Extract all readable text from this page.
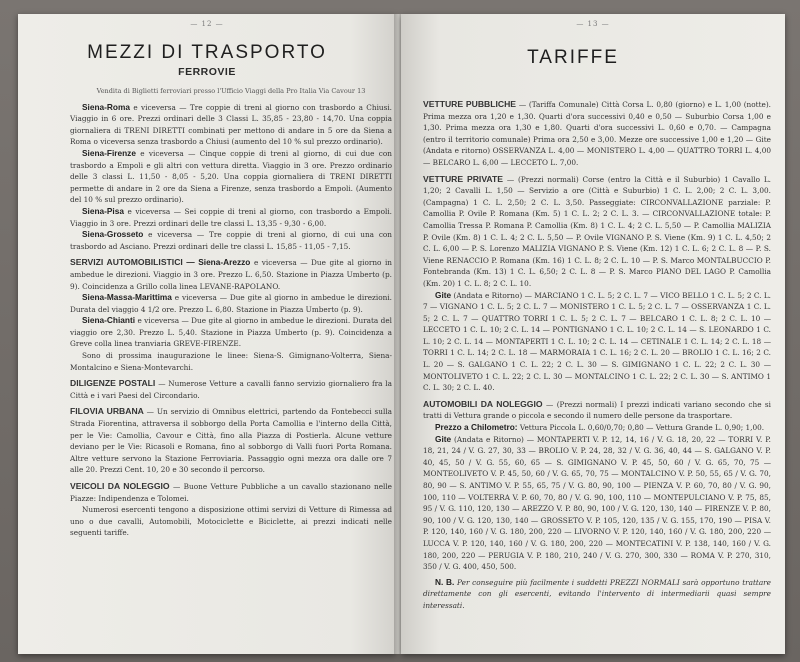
— 12 —
MEZZI DI TRASPORTO
FERROVIE
Vendita di Biglietti ferroviari presso l'Ufficio Viaggi della Pro Italia Via Cavour 13

Siena-Roma e viceversa — Tre coppie di treni al giorno con trasbordo a Chiusi. Viaggio in 6 ore. Prezzi ordinari delle 3 Classi L. 35,85 - 23,80 - 14,70. Una coppia giornaliera di TRENI DIRETTI combinati per mettono di andare in 5 ore da Siena a Roma o viceversa senza trasbordo a Chiusi (aumento del 10 % sul prezzo ordinario).

Siena-Firenze e viceversa — Cinque coppie di treni al giorno, di cui due con trasbordo a Empoli e gli altri con vettura diretta. Viaggio in 3 ore. Prezzo ordinario delle 3 classi L. 11,50 - 8,05 - 5,20. Una coppia giornaliera di TRENI DIRETTI permette di andare in 2 ore da Siena a Firenze, senza trasbordo a Empoli. (Aumento del 10 % sul prezzo ordinario).

Siena-Pisa e viceversa — Sei coppie di treni al giorno, con trasbordo a Empoli. Viaggio in 3 ore. Prezzi ordinari delle tre classi L. 13,35 - 9,30 - 6,00.

Siena-Grosseto e viceversa — Tre coppie di treni al giorno, di cui una con trasbordo ad Asciano. Prezzi ordinari delle tre classi L. 15,85 - 11,05 - 7,15.

SERVIZI AUTOMOBILISTICI — Siena-Arezzo e viceversa — Due gite al giorno in ambedue le direzioni. Viaggio in 3 ore. Prezzo L. 6,50. Stazione in Piazza Umberto (p. 9). Coincidenza a Grillo colla linea LEVANE-RAPOLANO.

Siena-Massa-Marittima e viceversa — Due gite al giorno in ambedue le direzioni. Durata del viaggio 4 1/2 ore. Prezzo L. 6,80. Stazione in Piazza Umberto (p. 9).

Siena-Chianti e viceversa — Due gite al giorno in ambedue le direzioni. Durata del viaggio ore 2,30. Prezzo L. 5,40. Stazione in Piazza Umberto (p. 9). Coincidenza a Greve colla linea tranviaria GREVE-FIRENZE.

Sono di prossima inaugurazione le linee: Siena-S. Gimignano-Volterra, Siena-Montalcino e Siena-Montevarchi.

DILIGENZE POSTALI — Numerose Vetture a cavalli fanno servizio giornaliero fra la Città e i vari Paesi del Circondario.

FILOVIA URBANA — Un servizio di Omnibus elettrici, partendo da Fontebecci sulla Strada Fiorentina, attraversa il sobborgo della Porta Camollia e l'interno della Città, per le Vie: Camollia, Cavour e Città, fino alla Piazza di Postierla. Alcune vetture deviano per le Vie: Ricasoli e Romana, fino al sobborgo di Valli fuori Porta Romana. Altre vetture servono la Stazione Ferroviaria. Passaggio ogni mezza ora dalle ore 7 alle 20. Prezzi Cent. 10, 20 e 30 secondo il percorso.

VEICOLI DA NOLEGGIO — Buone Vetture Pubbliche a un cavallo stazionano nelle Piazze: Indipendenza e Tolomei.

Numerosi esercenti tengono a disposizione ottimi servizi di Vetture di Rimessa ad uno o due cavalli, Automobili, Motociclette e Biciclette, ai prezzi indicati nelle seguenti tariffe.

— 13 —
TARIFFE

VETTURE PUBBLICHE — (Tariffa Comunale) Città Corsa L. 0,80 (giorno) e L. 1,00 (notte). Prima mezza ora 1,20 e 1,30. Quarti d'ora successivi 0,40 e 0,50 — Suburbio Corsa 1,00 e 1,30. Prima mezza ora 1,30 e 1,80. Quarti d'ora successivi L. 0,60 e 0,70. — Campagna (entro il territorio comunale) Prima ora 2,50 e 3,00. Mezze ore successive 1,00 e 1,20 — Gite (Andata e ritorno) OSSERVANZA L. 4,00 — MONISTERO L. 4,00 — QUATTRO TORRI L. 4,00 — BELCARO L. 6,00 — LECCETO L. 7,00.

VETTURE PRIVATE — (Prezzi normali) Corse (entro la Città e il Suburbio) 1 Cavallo L. 1,20; 2 Cavalli L. 1,50 — Servizio a ore (Città e Suburbio) 1 C. L. 2,00; 2 C. L. 3,00. (Campagna) 1 C. L. 2,50; 2 C. L. 3,50. Passeggiate: CIRCONVALLAZIONE parziale: P. Camollia P. Ovile P. Romana (Km. 5) 1 C. L. 2; 2 C. L. 3. — CIRCONVALLAZIONE totale: P. Camollia Tressa P. Romana P. Camollia (Km. 8) 1 C. L. 4; 2 C. L. 5,50 — P. Camollia MALIZIA P. Ovile (Km. 8) 1 C. L. 4; 2 C. L. 5,50 — P. Ovile VIGNANO P. S. Viene (Km. 9) 1 C. L. 4,50; 2 C. L. 6,00 — P. S. Lorenzo MALIZIA VIGNANO P. S. Viene (Km. 12) 1 C. L. 6; 2 C. L. 8 — P. S. Viene RENACCIO P. Romana (Km. 16) 1 C. L. 8; 2 C. L. 10 — P. S. Marco MONTALBUCCIO P. Fontebranda (Km. 13) 1 C. L. 6,50; 2 C. L. 8 — P. S. Marco PIANO DEL LAGO P. Camollia (Km. 20) 1 C. L. 8; 2 C. L. 10.

Gite (Andata e Ritorno) — MARCIANO 1 C. L. 5; 2 C. L. 7 — VICO BELLO 1 C. L. 5; 2 C. L. 7 — VIGNANO 1 C. L. 5; 2 C. L. 7 — MONISTERO 1 C. L. 5; 2 C. L. 7 — OSSERVANZA 1 C. L. 5; 2 C. L. 7 — QUATTRO TORRI 1 C. L. 5; 2 C. L. 7 — BELCARO 1 C. L. 8; 2 C. L. 10 — LECCETO 1 C. L. 10; 2 C. L. 14 — PONTIGNANO 1 C. L. 10; 2 C. L. 14 — S. LEONARDO 1 C. L. 10; 2 C. L. 14 — MONTAPERTI 1 C. L. 10; 2 C. L. 14 — CETINALE 1 C. L. 14; 2 C. L. 18 — TORRI 1 C. L. 14; 2 C. L. 18 — MARMORAIA 1 C. L. 16; 2 C. L. 20 — BROLIO 1 C. L. 16; 2 C. L. 20 — S. GALGANO 1 C. L. 22; 2 C. L. 30 — S. GIMIGNANO 1 C. L. 22; 2 C. L. 30 — MONTOLIVETO 1 C. L. 22; 2 C. L. 30 — MONTALCINO 1 C. L. 22; 2 C. L. 30 — S. ANTIMO 1 C. L. 30; 2 C. L. 40.

AUTOMOBILI DA NOLEGGIO — (Prezzi normali) I prezzi indicati variano secondo che si tratti di Vettura grande o piccola e secondo il numero delle persone da trasportare.

Prezzo a Chilometro: Vettura Piccola L. 0,60/0,70; 0,80 — Vettura Grande L. 0,90; 1,00.

Gite (Andata e Ritorno) — MONTAPERTI V. P. 12, 14, 16 / V. G. 18, 20, 22 — TORRI V. P. 18, 21, 24 / V. G. 27, 30, 33 — BROLIO V. P. 24, 28, 32 / V. G. 36, 40, 44 — S. GALGANO V. P. 40, 45, 50 / V. G. 55, 60, 65 — S. GIMIGNANO V. P. 45, 50, 60 / V. G. 65, 70, 75 — MONTEOLIVETO V. P. 45, 50, 60 / V. G. 65, 70, 75 — MONTALCINO V. P. 50, 55, 65 / V. G. 70, 80, 90 — S. ANTIMO V. P. 55, 65, 75 / V. G. 80, 90, 100 — PIENZA V. P. 60, 70, 80 / V. G. 90, 100, 110 — VOLTERRA V. P. 60, 70, 80 / V. G. 90, 100, 110 — MONTEPULCIANO V. P. 75, 85, 95 / V. G. 110, 120, 130 — AREZZO V. P. 80, 90, 100 / V. G. 120, 130, 140 — FIRENZE V. P. 80, 90, 100 / V. G. 120, 130, 140 — GROSSETO V. P. 105, 120, 135 / V. G. 155, 170, 190 — PISA V. P. 120, 140, 160 / V. G. 180, 200, 220 — LIVORNO V. P. 120, 140, 160 / V. G. 180, 200, 220 — LUCCA V. P. 120, 140, 160 / V. G. 180, 200, 220 — MONTECATINI V. P. 138, 140, 160 / V. G. 180, 200, 220 — PERUGIA V. P. 180, 210, 240 / V. G. 270, 300, 330 — ROMA V. P. 270, 310, 350 / V. G. 400, 450, 500.

N. B. Per conseguire più facilmente i suddetti PREZZI NORMALI sarà opportuno trattare direttamente con gli esercenti, evitando l'intervento di intermediarii quasi sempre interessati.
